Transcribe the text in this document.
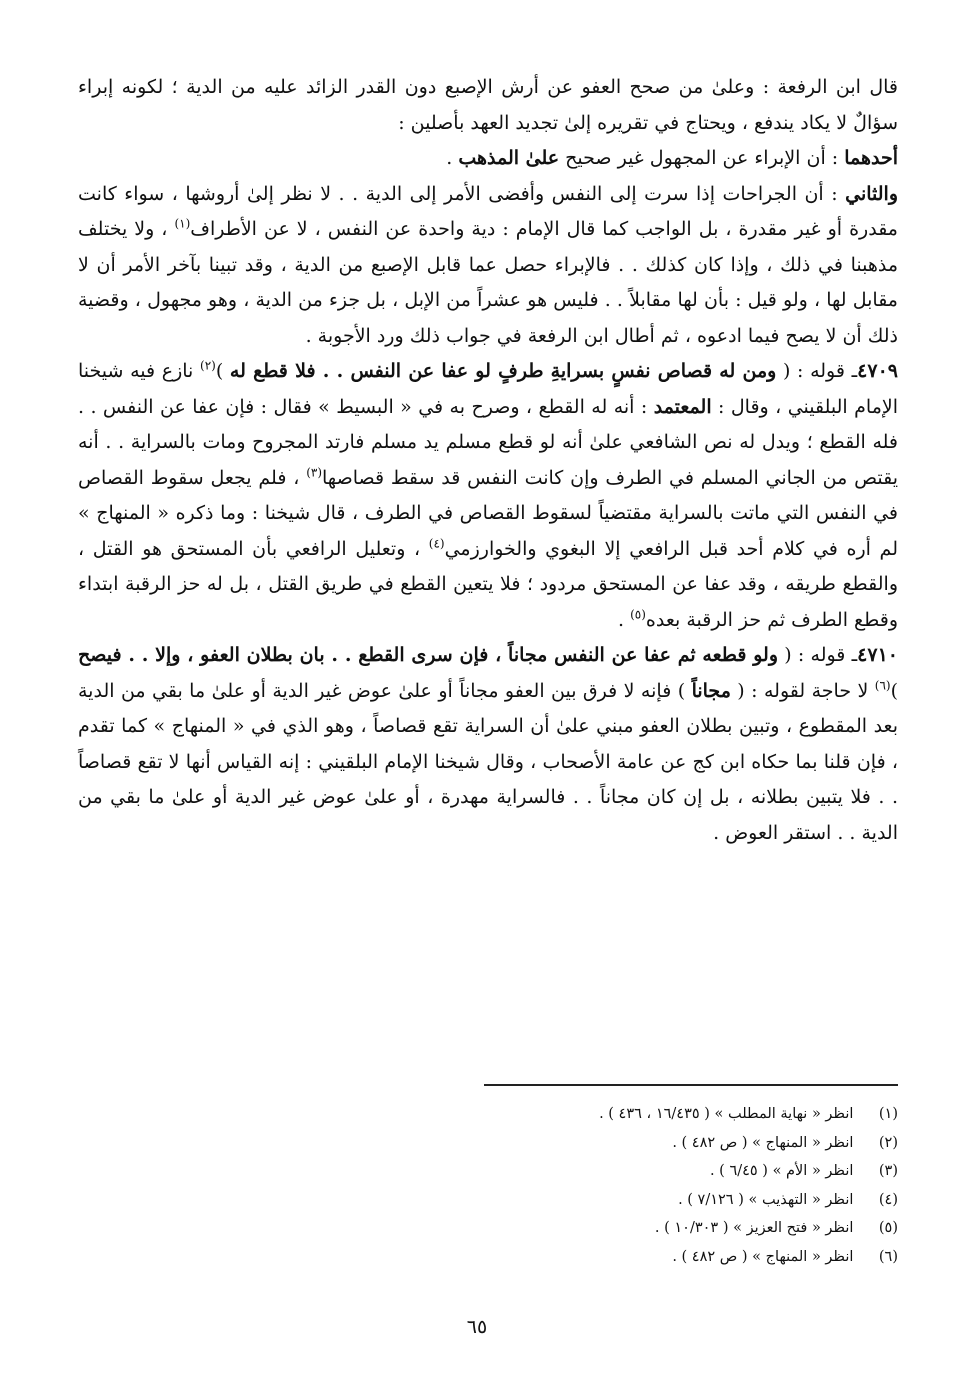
قال ابن الرفعة : وعلىٰ من صحح العفو عن أرش الإصبع دون القدر الزائد عليه من الدية ؛ لكونه إبراء سؤالٌ لا يكاد يندفع ، ويحتاج في تقريره إلىٰ تجديد العهد بأصلين :

أحدهما : أن الإبراء عن المجهول غير صحيح علىٰ المذهب .

والثاني : أن الجراحات إذا سرت إلى النفس وأفضى الأمر إلى الدية . . لا نظر إلىٰ أروشها ، سواء كانت مقدرة أو غير مقدرة ، بل الواجب كما قال الإمام : دية واحدة عن النفس ، لا عن الأطراف$^{(١)}$ ، ولا يختلف مذهبنا في ذلك ، وإذا كان كذلك . . فالإبراء حصل عما قابل الإصبع من الدية ، وقد تبينا بآخر الأمر أن لا مقابل لها ، ولو قيل : بأن لها مقابلاً . . فليس هو عشراً من الإبل ، بل جزء من الدية ، وهو مجهول ، وقضية ذلك أن لا يصح فيما ادعوه ، ثم أطال ابن الرفعة في جواب ذلك ورد الأجوبة .

٤٧٠٩ـ قوله : ( ومن له قصاص نفسٍ بسرايةِ طرفٍ لو عفا عن النفس . . فلا قطع له )$^{(٢)}$ نازع فيه شيخنا الإمام البلقيني ، وقال : المعتمد : أنه له القطع ، وصرح به في « البسيط » فقال : فإن عفا عن النفس . . فله القطع ؛ ويدل له نص الشافعي علىٰ أنه لو قطع مسلم يد مسلم فارتد المجروح ومات بالسراية . . أنه يقتص من الجاني المسلم في الطرف وإن كانت النفس قد سقط قصاصها$^{(٣)}$ ، فلم يجعل سقوط القصاص في النفس التي ماتت بالسراية مقتضياً لسقوط القصاص في الطرف ، قال شيخنا : وما ذكره « المنهاج » لم أره في كلام أحد قبل الرافعي إلا البغوي والخوارزمي$^{(٤)}$ ، وتعليل الرافعي بأن المستحق هو القتل ، والقطع طريقه ، وقد عفا عن المستحق مردود ؛ فلا يتعين القطع في طريق القتل ، بل له حز الرقبة ابتداء وقطع الطرف ثم حز الرقبة بعده$^{(٥)}$ .

٤٧١٠ـ قوله : ( ولو قطعه ثم عفا عن النفس مجاناً ، فإن سرى القطع . . بان بطلان العفو ، وإلا . . فيصح )$^{(٦)}$ لا حاجة لقوله : ( مجاناً ) فإنه لا فرق بين العفو مجاناً أو علىٰ عوض غير الدية أو علىٰ ما بقي من الدية بعد المقطوع ، وتبين بطلان العفو مبني علىٰ أن السراية تقع قصاصاً ، وهو الذي في « المنهاج » كما تقدم ، فإن قلنا بما حكاه ابن كج عن عامة الأصحاب ، وقال شيخنا الإمام البلقيني : إنه القياس أنها لا تقع قصاصاً . . فلا يتبين بطلانه ، بل إن كان مجاناً . . فالسراية مهدرة ، أو علىٰ عوض غير الدية أو علىٰ ما بقي من الدية . . استقر العوض .

(١) انظر « نهاية المطلب » ( ١٦/٤٣٥ ، ٤٣٦ ) .
(٢) انظر « المنهاج » ( ص ٤٨٢ ) .
(٣) انظر « الأم » ( ٦/٤٥ ) .
(٤) انظر « التهذيب » ( ٧/١٢٦ ) .
(٥) انظر « فتح العزيز » ( ١٠/٣٠٣ ) .
(٦) انظر « المنهاج » ( ص ٤٨٢ ) .
٦٥
